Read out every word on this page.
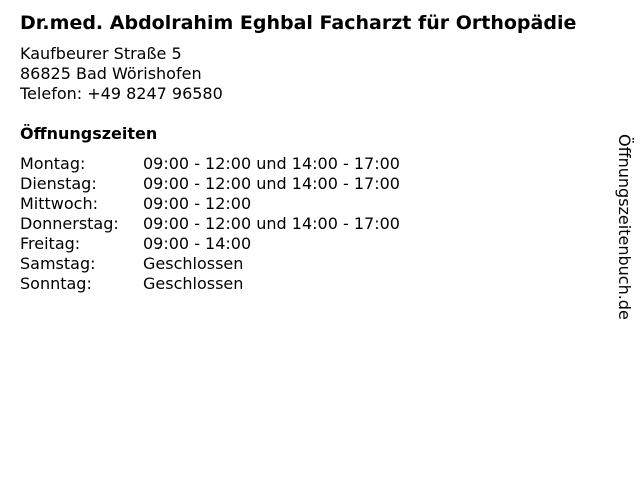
Dr.med. Abdolrahim Eghbal Facharzt für Orthopädie
Kaufbeurer Straße 5
86825 Bad Wörishofen
Telefon: +49 8247 96580
Öffnungszeiten
Montag:	09:00 - 12:00 und 14:00 - 17:00
Dienstag:	09:00 - 12:00 und 14:00 - 17:00
Mittwoch:	09:00 - 12:00
Donnerstag:	09:00 - 12:00 und 14:00 - 17:00
Freitag:	09:00 - 14:00
Samstag:	Geschlossen
Sonntag:	Geschlossen	Öffnungszeitenbuch.de
